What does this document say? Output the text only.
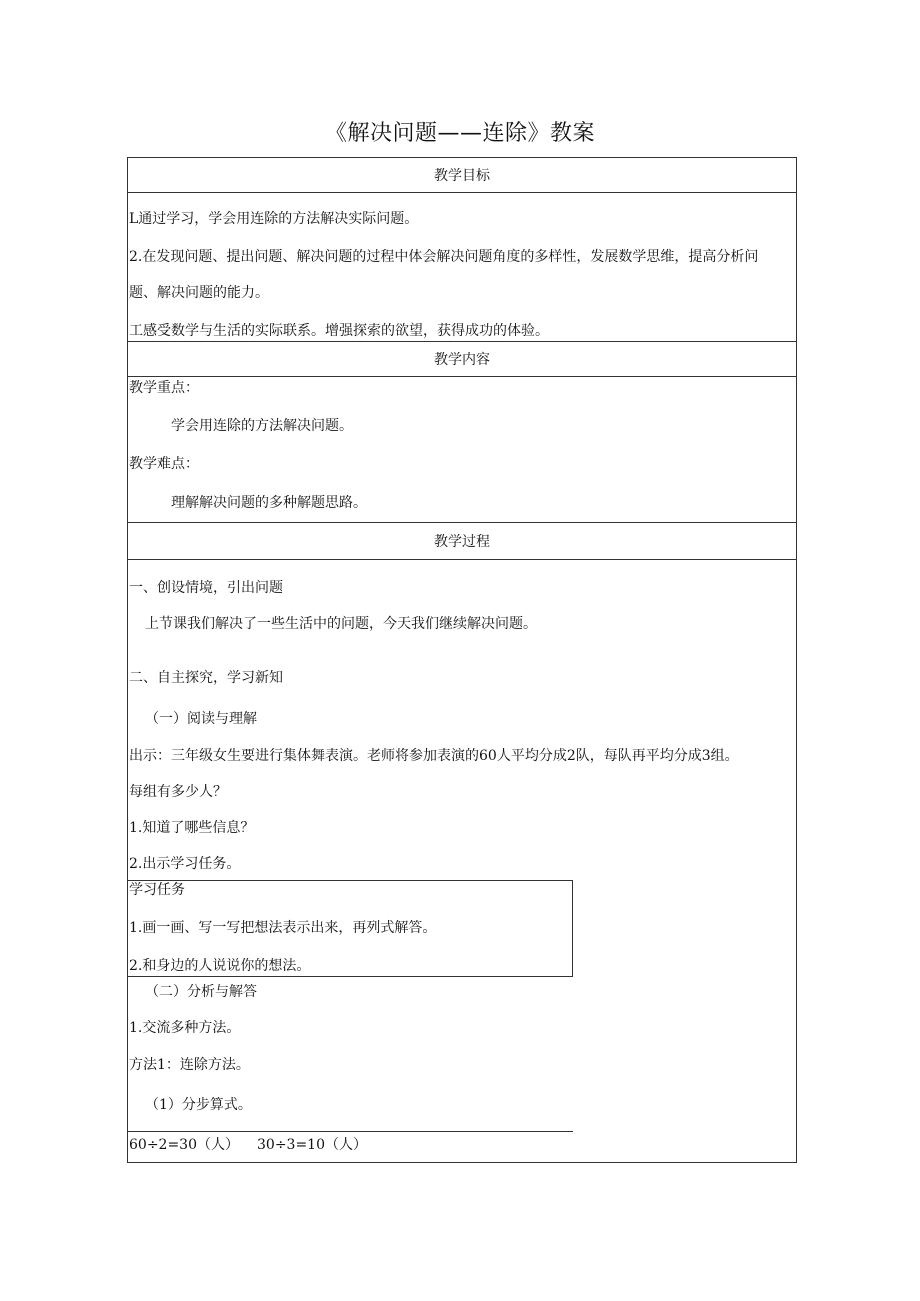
《解决问题——连除》教案
教学目标
L通过学习，学会用连除的方法解决实际问题。
2.在发现问题、提出问题、解决问题的过程中体会解决问题角度的多样性，发展数学思维，提高分析问
题、解决问题的能力。
工感受数学与生活的实际联系。增强探索的欲望，获得成功的体验。
教学内容
教学重点：
学会用连除的方法解决问题。
教学难点：
理解解决问题的多种解题思路。
教学过程
一、创设情境，引出问题
上节课我们解决了一些生活中的问题，今天我们继续解决问题。
二、自主探究，学习新知
（一）阅读与理解
出示：三年级女生要进行集体舞表演。老师将参加表演的60人平均分成2队，每队再平均分成3组。
每组有多少人？
1.知道了哪些信息？
2.出示学习任务。
学习任务
1.画一画、写一写把想法表示出来，再列式解答。
2.和身边的人说说你的想法。
（二）分析与解答
1.交流多种方法。
方法1：连除方法。
（1）分步算式。
60÷2=30（人） 30÷3=10（人）
